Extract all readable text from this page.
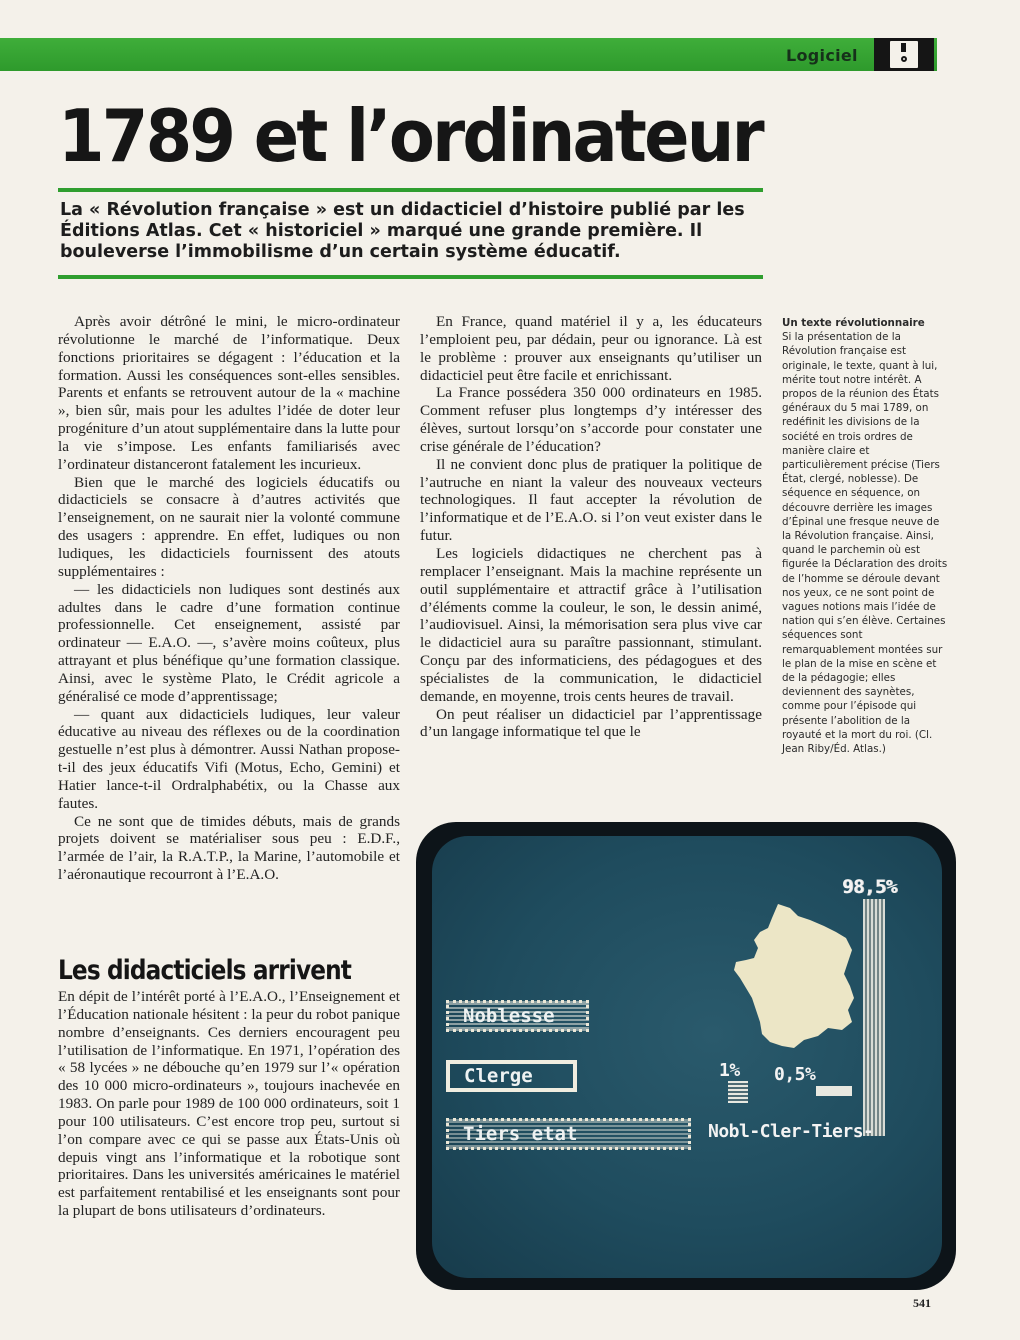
Logiciel
1789 et l’ordinateur

La « Révolution française » est un didacticiel d’histoire publié par les Éditions Atlas. Cet « historiciel » marqué une grande première. Il bouleverse l’immobilisme d’un certain système éducatif.

Après avoir détrôné le mini, le micro-ordinateur révolutionne le marché de l’informatique. Deux fonctions prioritaires se dégagent : l’éducation et la formation. Aussi les conséquences sont-elles sensibles. Parents et enfants se retrouvent autour de la « machine », bien sûr, mais pour les adultes l’idée de doter leur progéniture d’un atout supplémentaire dans la lutte pour la vie s’impose. Les enfants familiarisés avec l’ordinateur distanceront fatalement les incurieux.

Bien que le marché des logiciels éducatifs ou didacticiels se consacre à d’autres activités que l’enseignement, on ne saurait nier la volonté commune des usagers : apprendre. En effet, ludiques ou non ludiques, les didacticiels fournissent des atouts supplémentaires :

— les didacticiels non ludiques sont destinés aux adultes dans le cadre d’une formation continue professionnelle. Cet enseignement, assisté par ordinateur — E.A.O. —, s’avère moins coûteux, plus attrayant et plus bénéfique qu’une formation classique. Ainsi, avec le système Plato, le Crédit agricole a généralisé ce mode d’apprentissage;

— quant aux didacticiels ludiques, leur valeur éducative au niveau des réflexes ou de la coordination gestuelle n’est plus à démontrer. Aussi Nathan propose-t-il des jeux éducatifs Vifi (Motus, Echo, Gemini) et Hatier lance-t-il Ordralphabétix, ou la Chasse aux fautes.

Ce ne sont que de timides débuts, mais de grands projets doivent se matérialiser sous peu : E.D.F., l’armée de l’air, la R.A.T.P., la Marine, l’automobile et l’aéronautique recourront à l’E.A.O.

Les didacticiels arrivent

En dépit de l’intérêt porté à l’E.A.O., l’Enseignement et l’Éducation nationale hésitent : la peur du robot panique nombre d’enseignants. Ces derniers encouragent peu l’utilisation de l’informatique. En 1971, l’opération des « 58 lycées » ne débouche qu’en 1979 sur l’« opération des 10 000 micro-ordinateurs », toujours inachevée en 1983. On parle pour 1989 de 100 000 ordinateurs, soit 1 pour 100 utilisateurs. C’est encore trop peu, surtout si l’on compare avec ce qui se passe aux États-Unis où depuis vingt ans l’informatique et la robotique sont prioritaires. Dans les universités américaines le matériel est parfaitement rentabilisé et les enseignants sont pour la plupart de bons utilisateurs d’ordinateurs.

En France, quand matériel il y a, les éducateurs l’emploient peu, par dédain, peur ou ignorance. Là est le problème : prouver aux enseignants qu’utiliser un didacticiel peut être facile et enrichissant.

La France possédera 350 000 ordinateurs en 1985. Comment refuser plus longtemps d’y intéresser des élèves, surtout lorsqu’on s’accorde pour constater une crise générale de l’éducation?

Il ne convient donc plus de pratiquer la politique de l’autruche en niant la valeur des nouveaux vecteurs technologiques. Il faut accepter la révolution de l’informatique et de l’E.A.O. si l’on veut exister dans le futur.

Les logiciels didactiques ne cherchent pas à remplacer l’enseignant. Mais la machine représente un outil supplémentaire et attractif grâce à l’utilisation d’éléments comme la couleur, le son, le dessin animé, l’audiovisuel. Ainsi, la mémorisation sera plus vive car le didacticiel aura su paraître passionnant, stimulant. Conçu par des informaticiens, des pédagogues et des spécialistes de la communication, le didacticiel demande, en moyenne, trois cents heures de travail.

On peut réaliser un didacticiel par l’apprentissage d’un langage informatique tel que le

Un texte révolutionnaire
Si la présentation de la Révolution française est originale, le texte, quant à lui, mérite tout notre intérêt. A propos de la réunion des États généraux du 5 mai 1789, on redéfinit les divisions de la société en trois ordres de manière claire et particulièrement précise (Tiers État, clergé, noblesse). De séquence en séquence, on découvre derrière les images d’Épinal une fresque neuve de la Révolution française. Ainsi, quand le parchemin où est figurée la Déclaration des droits de l’homme se déroule devant nos yeux, ce ne sont point de vagues notions mais l’idée de nation qui s’en élève. Certaines séquences sont remarquablement montées sur le plan de la mise en scène et de la pédagogie; elles deviennent des saynètes, comme pour l’épisode qui présente l’abolition de la royauté et la mort du roi. (Cl. Jean Riby/Éd. Atlas.)
98,5%
Noblesse
Clerge
Tiers etat
1% 0,5%
Nobl-Cler-Tiers-
541
